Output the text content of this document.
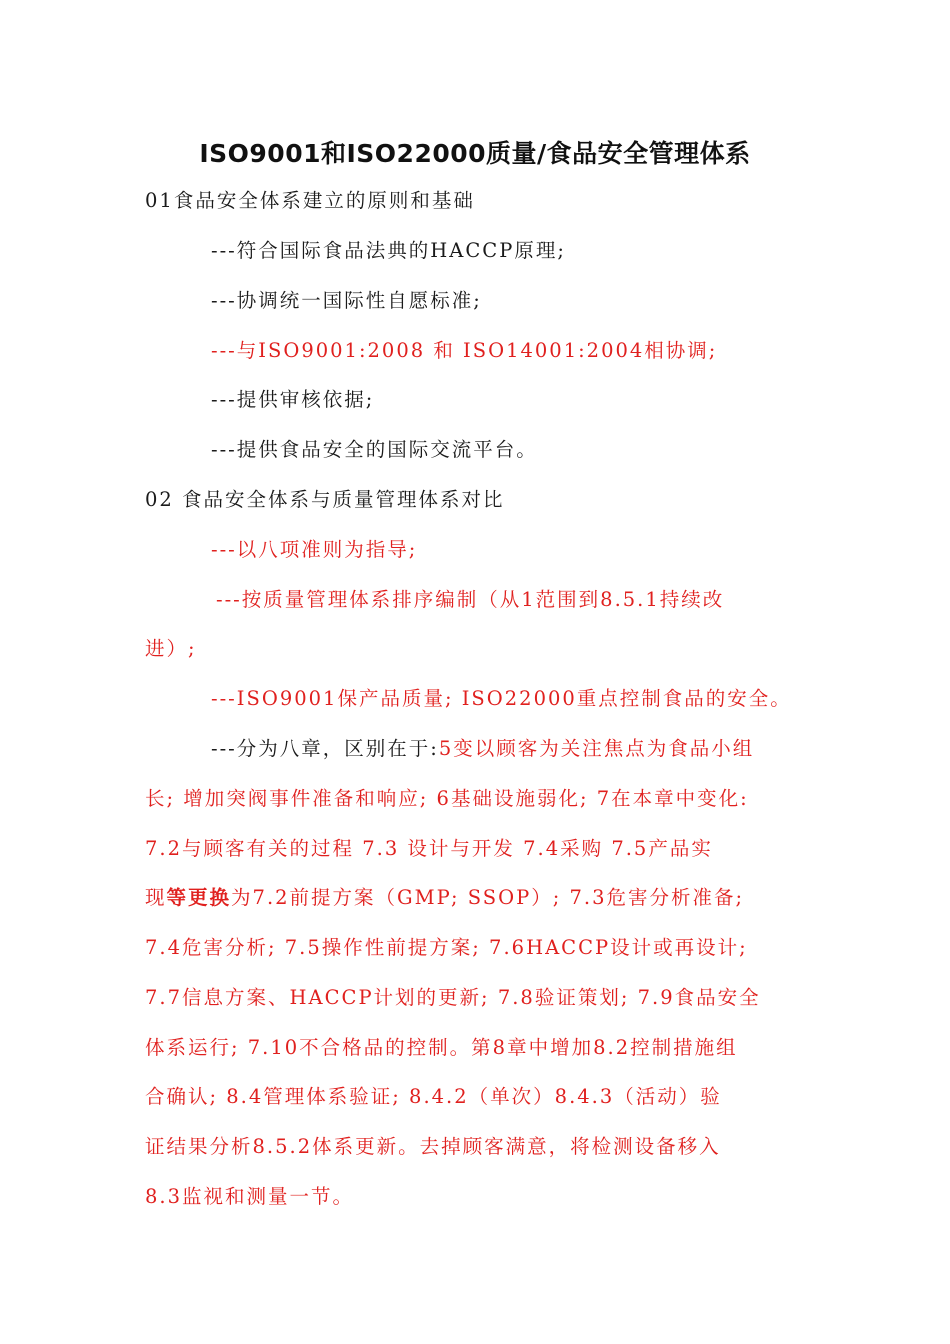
ISO9001和ISO22000质量/食品安全管理体系
01食品安全体系建立的原则和基础
---符合国际食品法典的HACCP原理;
---协调统一国际性自愿标准;
---与ISO9001:2008 和 ISO14001:2004相协调;
---提供审核依据;
---提供食品安全的国际交流平台。
02 食品安全体系与质量管理体系对比
---以八项准则为指导;
---按质量管理体系排序编制（从1范围到8.5.1持续改
进）;
---ISO9001保产品质量; ISO22000重点控制食品的安全。
---分为八章，区别在于:5变以顾客为关注焦点为食品小组
长; 增加突阀事件准备和响应; 6基础设施弱化; 7在本章中变化:
7.2与顾客有关的过程 7.3 设计与开发 7.4采购 7.5产品实
现等更换为7.2前提方案（GMP; SSOP）; 7.3危害分析准备;
7.4危害分析; 7.5操作性前提方案; 7.6HACCP设计或再设计;
7.7信息方案、HACCP计划的更新; 7.8验证策划; 7.9食品安全
体系运行; 7.10不合格品的控制。第8章中增加8.2控制措施组
合确认; 8.4管理体系验证; 8.4.2（单次）8.4.3（活动）验
证结果分析8.5.2体系更新。去掉顾客满意，将检测设备移入
8.3监视和测量一节。
